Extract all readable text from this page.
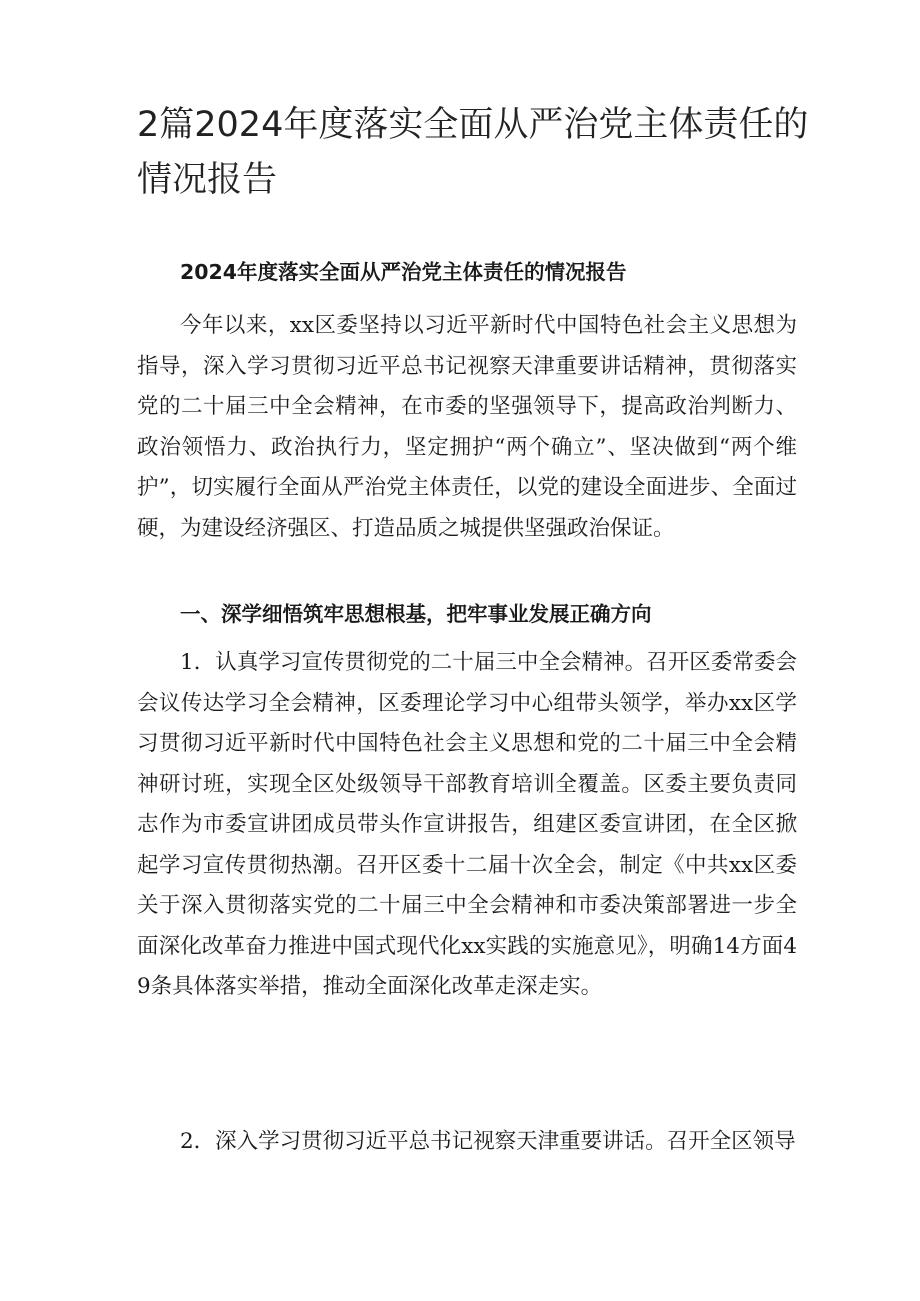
2篇2024年度落实全面从严治党主体责任的情况报告
2024年度落实全面从严治党主体责任的情况报告

今年以来，xx区委坚持以习近平新时代中国特色社会主义思想为指导，深入学习贯彻习近平总书记视察天津重要讲话精神，贯彻落实党的二十届三中全会精神，在市委的坚强领导下，提高政治判断力、政治领悟力、政治执行力，坚定拥护“两个确立”、坚决做到“两个维护”，切实履行全面从严治党主体责任，以党的建设全面进步、全面过硬，为建设经济强区、打造品质之城提供坚强政治保证。

一、深学细悟筑牢思想根基，把牢事业发展正确方向

1．认真学习宣传贯彻党的二十届三中全会精神。召开区委常委会会议传达学习全会精神，区委理论学习中心组带头领学，举办xx区学习贯彻习近平新时代中国特色社会主义思想和党的二十届三中全会精神研讨班，实现全区处级领导干部教育培训全覆盖。区委主要负责同志作为市委宣讲团成员带头作宣讲报告，组建区委宣讲团，在全区掀起学习宣传贯彻热潮。召开区委十二届十次全会，制定《中共xx区委关于深入贯彻落实党的二十届三中全会精神和市委决策部署进一步全面深化改革奋力推进中国式现代化xx实践的实施意见》，明确14方面49条具体落实举措，推动全面深化改革走深走实。

2．深入学习贯彻习近平总书记视察天津重要讲话。召开全区领导
